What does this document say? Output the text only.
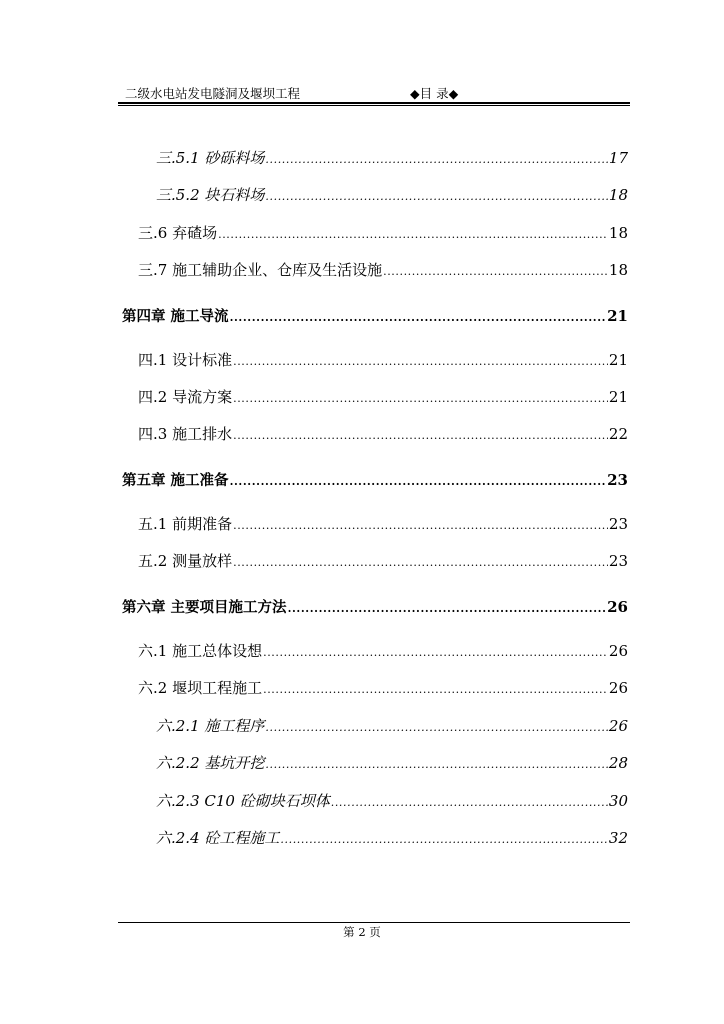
二级水电站发电隧洞及堰坝工程	◆目 录◆
三.5.1 砂砾料场 .....	17
三.5.2 块石料场 .....	18
三.6 弃碴场 .....	18
三.7 施工辅助企业、仓库及生活设施 .....	18
第四章 施工导流 .....	21
四.1 设计标准 .....	21
四.2 导流方案 .....	21
四.3 施工排水 .....	22
第五章 施工准备 .....	23
五.1 前期准备 .....	23
五.2 测量放样 .....	23
第六章 主要项目施工方法 .....	26
六.1 施工总体设想 .....	26
六.2 堰坝工程施工 .....	26
六.2.1 施工程序 .....	26
六.2.2 基坑开挖 .....	28
六.2.3 C10 砼砌块石坝体 .....	30
六.2.4 砼工程施工 .....	32
第 2 页
